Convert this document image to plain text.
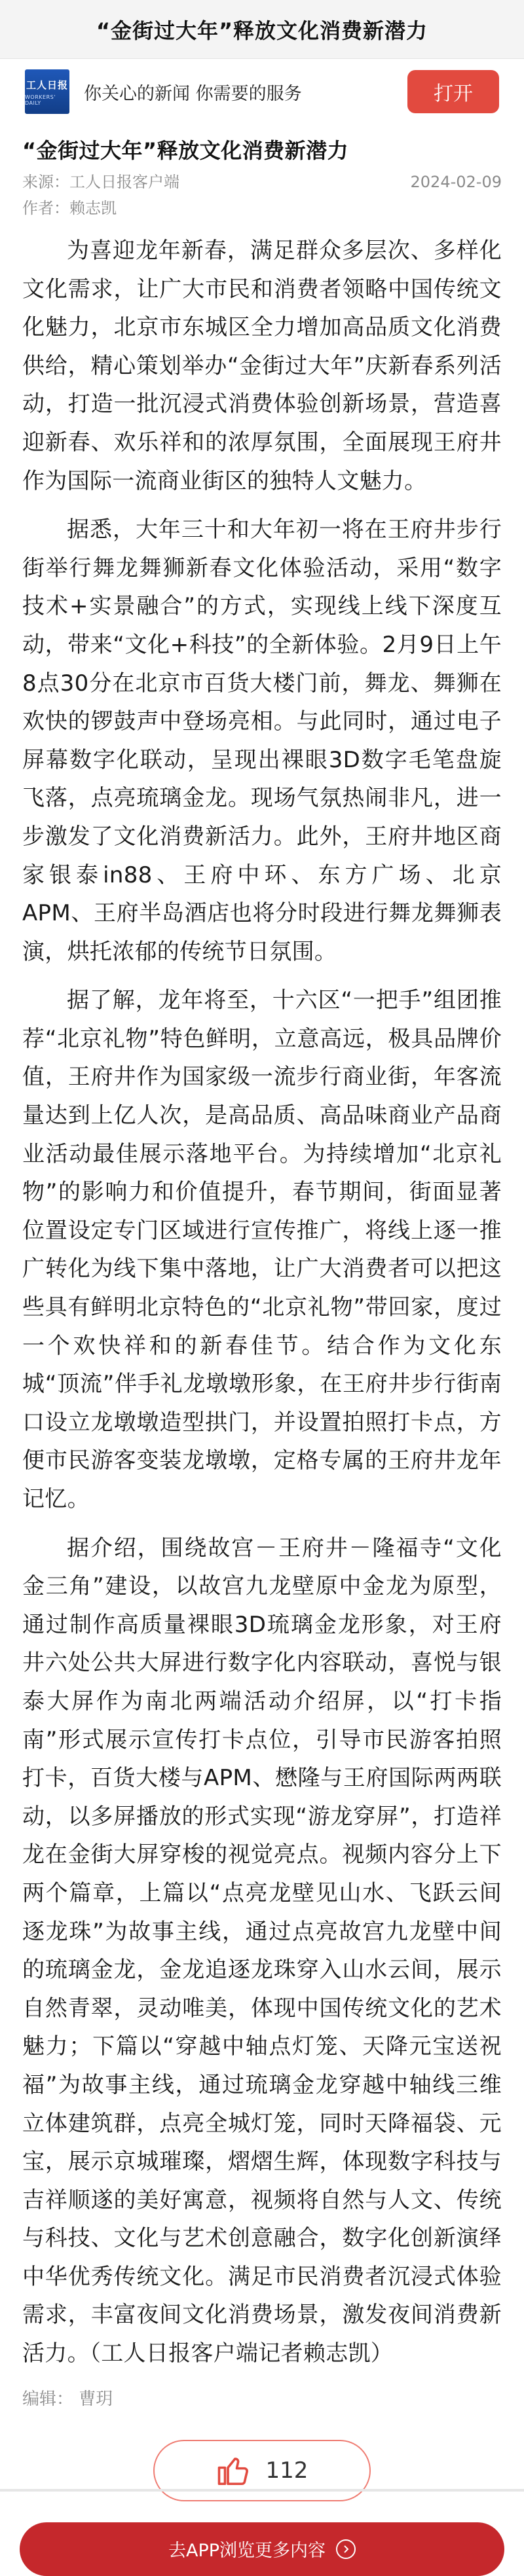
“金街过大年”释放文化消费新潜力
工人日报
WORKERS' DAILY	你关心的新闻 你需要的服务	打开
“金街过大年”释放文化消费新潜力
来源：工人日报客户端	2024-02-09
作者：赖志凯

为喜迎龙年新春，满足群众多层次、多样化文化需求，让广大市民和消费者领略中国传统文化魅力，北京市东城区全力增加高品质文化消费供给，精心策划举办“金街过大年”庆新春系列活动，打造一批沉浸式消费体验创新场景，营造喜迎新春、欢乐祥和的浓厚氛围，全面展现王府井作为国际一流商业街区的独特人文魅力。

据悉，大年三十和大年初一将在王府井步行街举行舞龙舞狮新春文化体验活动，采用“数字技术+实景融合”的方式，实现线上线下深度互动，带来“文化+科技”的全新体验。2月9日上午8点30分在北京市百货大楼门前，舞龙、舞狮在欢快的锣鼓声中登场亮相。与此同时，通过电子屏幕数字化联动，呈现出裸眼3D数字毛笔盘旋飞落，点亮琉璃金龙。现场气氛热闹非凡，进一步激发了文化消费新活力。此外，王府井地区商家银泰in88、王府中环、东方广场、北京APM、王府半岛酒店也将分时段进行舞龙舞狮表演，烘托浓郁的传统节日氛围。

据了解，龙年将至，十六区“一把手”组团推荐“北京礼物”特色鲜明，立意高远，极具品牌价值，王府井作为国家级一流步行商业街，年客流量达到上亿人次，是高品质、高品味商业产品商业活动最佳展示落地平台。为持续增加“北京礼物”的影响力和价值提升，春节期间，街面显著位置设定专门区域进行宣传推广，将线上逐一推广转化为线下集中落地，让广大消费者可以把这些具有鲜明北京特色的“北京礼物”带回家，度过一个欢快祥和的新春佳节。结合作为文化东城“顶流”伴手礼龙墩墩形象，在王府井步行街南口设立龙墩墩造型拱门，并设置拍照打卡点，方便市民游客变装龙墩墩，定格专属的王府井龙年记忆。

据介绍，围绕故宫－王府井－隆福寺“文化金三角”建设，以故宫九龙壁原中金龙为原型，通过制作高质量裸眼3D琉璃金龙形象，对王府井六处公共大屏进行数字化内容联动，喜悦与银泰大屏作为南北两端活动介绍屏，以“打卡指南”形式展示宣传打卡点位，引导市民游客拍照打卡，百货大楼与APM、懋隆与王府国际两两联动，以多屏播放的形式实现“游龙穿屏”，打造祥龙在金街大屏穿梭的视觉亮点。视频内容分上下两个篇章，上篇以“点亮龙壁见山水、飞跃云间逐龙珠”为故事主线，通过点亮故宫九龙壁中间的琉璃金龙，金龙追逐龙珠穿入山水云间，展示自然青翠，灵动唯美，体现中国传统文化的艺术魅力；下篇以“穿越中轴点灯笼、天降元宝送祝福”为故事主线，通过琉璃金龙穿越中轴线三维立体建筑群，点亮全城灯笼，同时天降福袋、元宝，展示京城璀璨，熠熠生辉，体现数字科技与吉祥顺遂的美好寓意，视频将自然与人文、传统与科技、文化与艺术创意融合，数字化创新演绎中华优秀传统文化。满足市民消费者沉浸式体验需求，丰富夜间文化消费场景，激发夜间消费新活力。（工人日报客户端记者赖志凯）

编辑： 曹玥
112
去APP浏览更多内容
